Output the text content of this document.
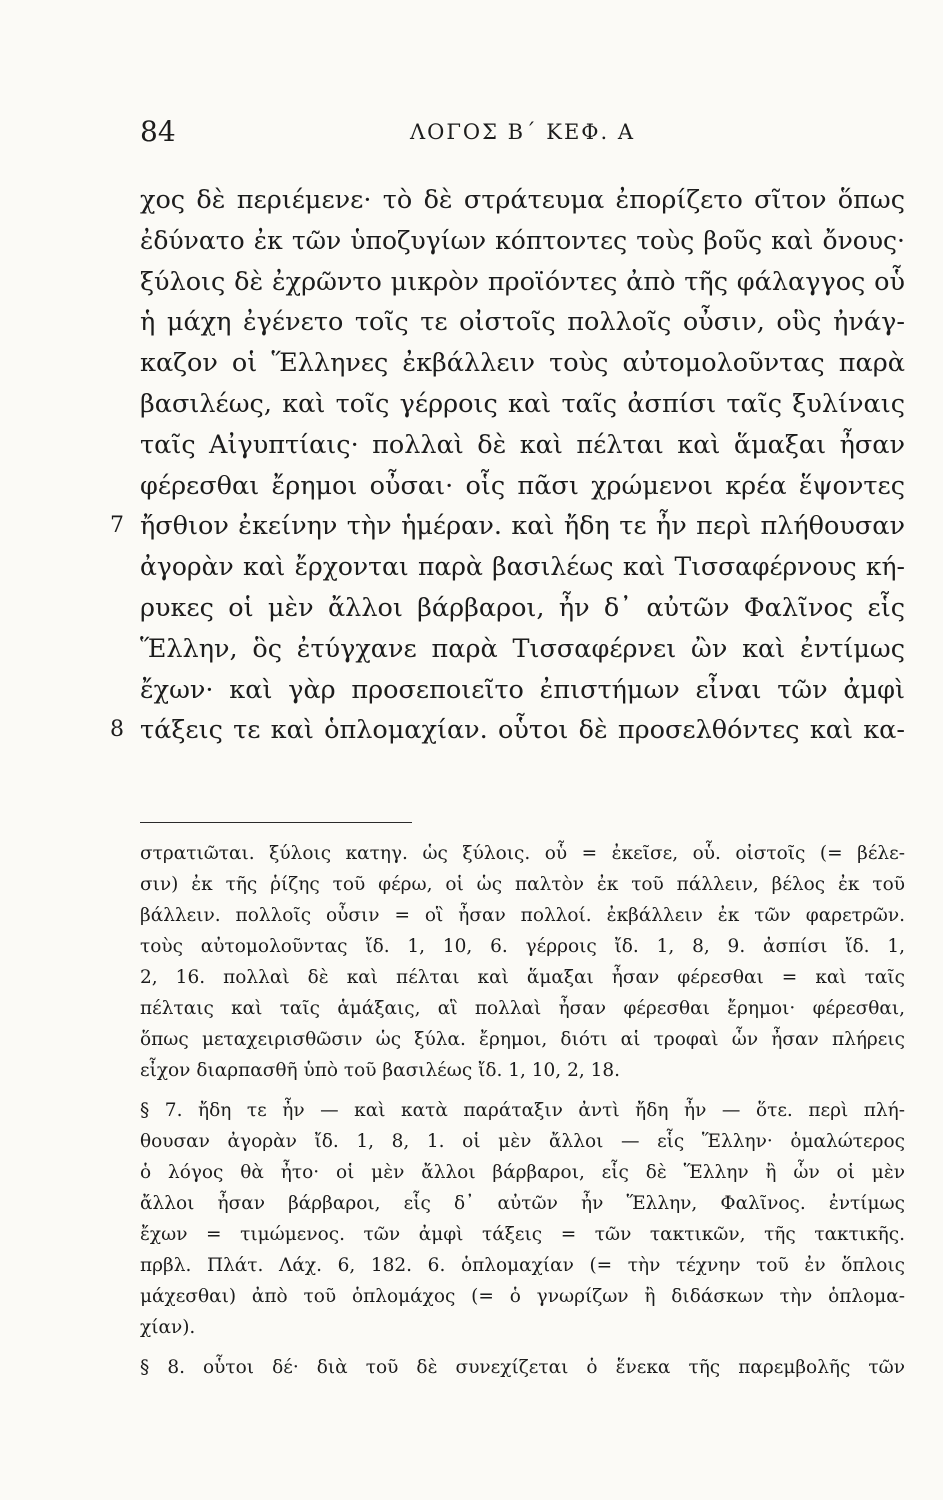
84	ΛΟΓΟΣ Β΄ ΚΕΦ. Α
χος δὲ περιέμενε· τὸ δὲ στράτευμα ἐπορίζετο σῖτον ὅπως
ἐδύνατο ἐκ τῶν ὑποζυγίων κόπτοντες τοὺς βοῦς καὶ ὄνους·
ξύλοις δὲ ἐχρῶντο μικρὸν προϊόντες ἀπὸ τῆς φάλαγγος οὗ
ἡ μάχη ἐγένετο τοῖς τε οἰστοῖς πολλοῖς οὖσιν, οὓς ἠνάγ-
καζον οἱ Ἕλληνες ἐκβάλλειν τοὺς αὐτομολοῦντας παρὰ
βασιλέως, καὶ τοῖς γέρροις καὶ ταῖς ἀσπίσι ταῖς ξυλίναις
ταῖς Αἰγυπτίαις· πολλαὶ δὲ καὶ πέλται καὶ ἅμαξαι ἦσαν
φέρεσθαι ἔρημοι οὖσαι· οἷς πᾶσι χρώμενοι κρέα ἕψοντες
7 ἤσθιον ἐκείνην τὴν ἡμέραν. καὶ ἤδη τε ἦν περὶ πλήθουσαν
ἀγορὰν καὶ ἔρχονται παρὰ βασιλέως καὶ Τισσαφέρνους κή-
ρυκες οἱ μὲν ἄλλοι βάρβαροι, ἦν δ᾽ αὐτῶν Φαλῖνος εἷς
Ἕλλην, ὃς ἐτύγχανε παρὰ Τισσαφέρνει ὢν καὶ ἐντίμως
ἔχων· καὶ γὰρ προσεποιεῖτο ἐπιστήμων εἶναι τῶν ἀμφὶ
8 τάξεις τε καὶ ὁπλομαχίαν. οὗτοι δὲ προσελθόντες καὶ κα-
στρατιῶται. ξύλοις κατηγ. ὡς ξύλοις. οὗ = ἐκεῖσε, οὗ. οἰστοῖς (= βέλε-
σιν) ἐκ τῆς ῥίζης τοῦ φέρω, οἱ ὡς παλτὸν ἐκ τοῦ πάλλειν, βέλος ἐκ τοῦ
βάλλειν. πολλοῖς οὖσιν = οἳ ἦσαν πολλοί. ἐκβάλλειν ἐκ τῶν φαρετρῶν.
τοὺς αὐτομολοῦντας ἴδ. 1, 10, 6. γέρροις ἴδ. 1, 8, 9. ἀσπίσι ἴδ. 1,
2, 16. πολλαὶ δὲ καὶ πέλται καὶ ἅμαξαι ἦσαν φέρεσθαι = καὶ ταῖς
πέλταις καὶ ταῖς ἁμάξαις, αἳ πολλαὶ ἦσαν φέρεσθαι ἔρημοι· φέρεσθαι,
ὅπως μεταχειρισθῶσιν ὡς ξύλα. ἔρημοι, διότι αἱ τροφαὶ ὧν ἦσαν πλήρεις
εἶχον διαρπασθῆ ὑπὸ τοῦ βασιλέως ἴδ. 1, 10, 2, 18.
§ 7. ἤδη τε ἦν — καὶ κατὰ παράταξιν ἀντὶ ἤδη ἦν — ὅτε. περὶ πλή-
θουσαν ἀγορὰν ἴδ. 1, 8, 1. οἱ μὲν ἄλλοι — εἷς Ἕλλην· ὁμαλώτερος
ὁ λόγος θὰ ἦτο· οἱ μὲν ἄλλοι βάρβαροι, εἷς δὲ Ἕλλην ἢ ὧν οἱ μὲν
ἄλλοι ἦσαν βάρβαροι, εἷς δ᾽ αὐτῶν ἦν Ἕλλην, Φαλῖνος. ἐντίμως
ἔχων = τιμώμενος. τῶν ἀμφὶ τάξεις = τῶν τακτικῶν, τῆς τακτικῆς.
πρβλ. Πλάτ. Λάχ. 6, 182. 6. ὁπλομαχίαν (= τὴν τέχνην τοῦ ἐν ὅπλοις
μάχεσθαι) ἀπὸ τοῦ ὁπλομάχος (= ὁ γνωρίζων ἢ διδάσκων τὴν ὁπλομα-
χίαν).
§ 8. οὗτοι δέ· διὰ τοῦ δὲ συνεχίζεται ὁ ἕνεκα τῆς παρεμβολῆς τῶν
